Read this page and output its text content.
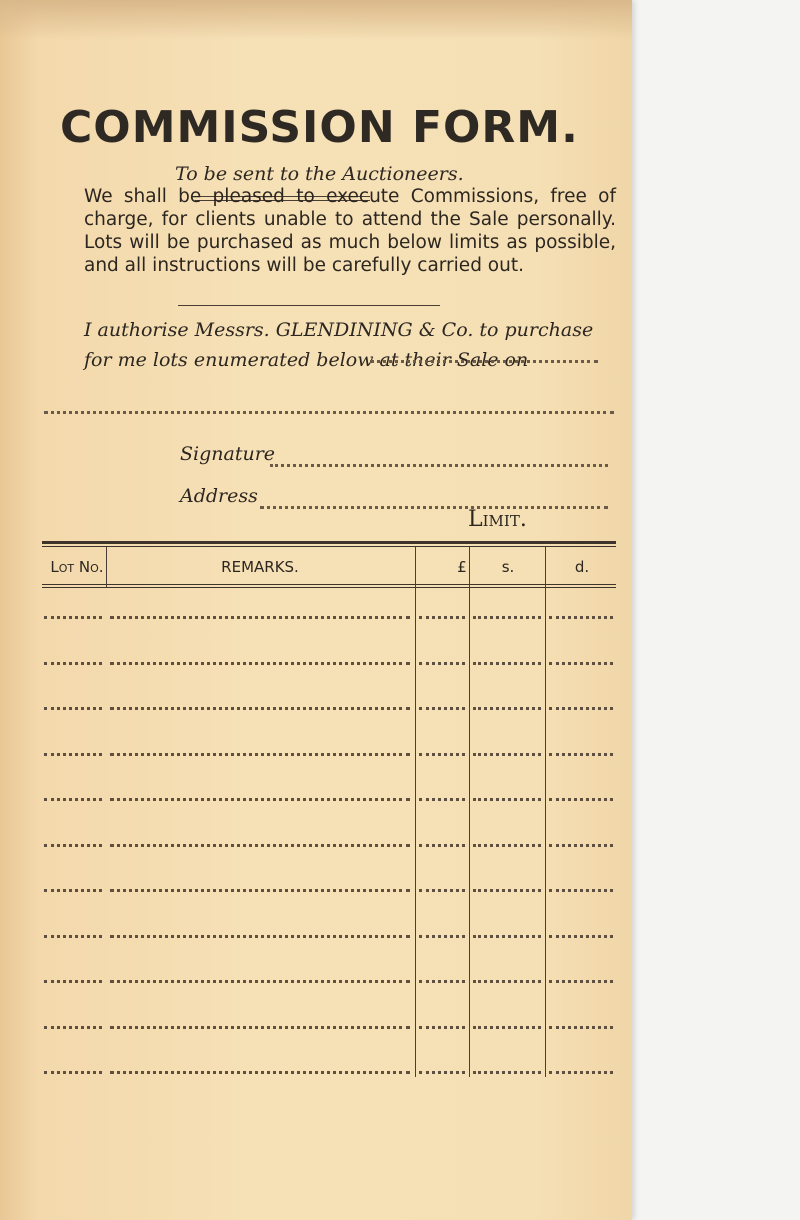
COMMISSION FORM.
To be sent to the Auctioneers.

We shall be pleased to execute Commissions, free of charge, for clients unable to attend the Sale personally. Lots will be purchased as much below limits as possible, and all instructions will be carefully carried out.

I authorise Messrs. GLENDINING & Co. to purchase for me lots enumerated below at their Sale on
Signature
Address
Limit.
Lot No.	REMARKS.	£	s.	d.
